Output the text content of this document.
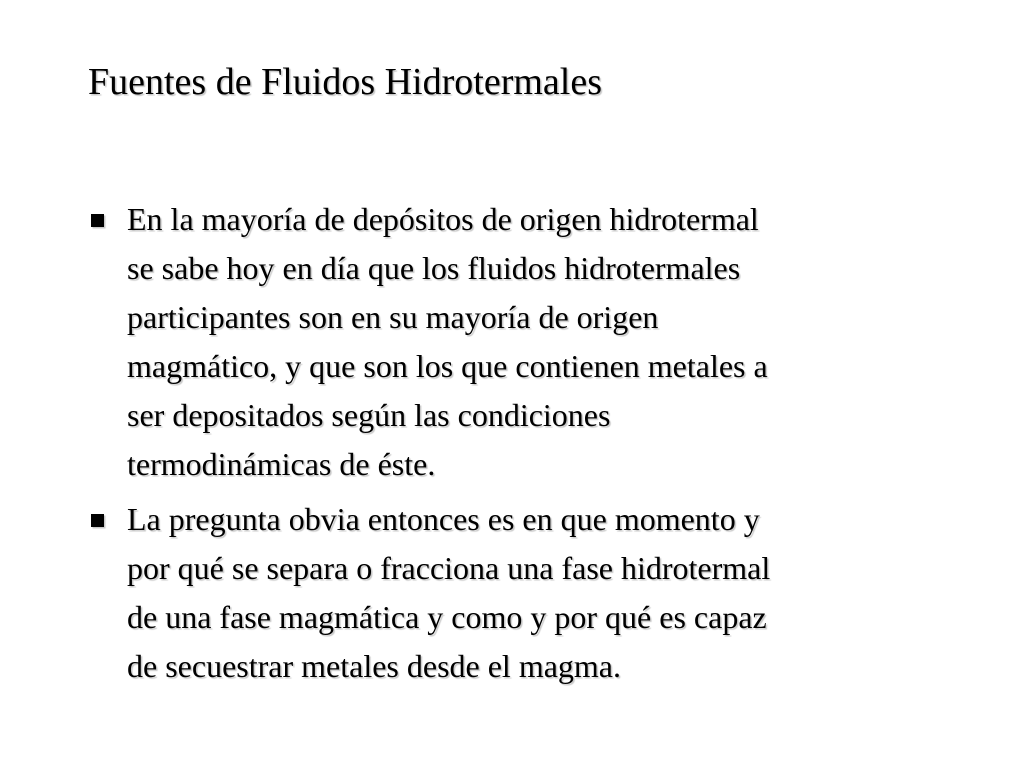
Fuentes de Fluidos Hidrotermales
En la mayoría de depósitos de origen hidrotermal
se sabe hoy en día que los fluidos hidrotermales
participantes son en su mayoría de origen
magmático, y que son los que contienen metales a
ser depositados según las condiciones
termodinámicas de éste.
La pregunta obvia entonces es en que momento y
por qué se separa o fracciona una fase hidrotermal
de una fase magmática y como y por qué es capaz
de secuestrar metales desde el magma.
